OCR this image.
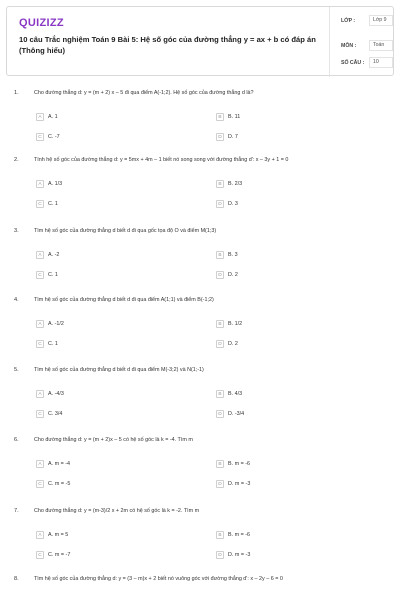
QUIZIZZ
10 câu Trắc nghiệm Toán 9 Bài 5: Hệ số góc của đường thẳng y = ax + b có đáp án (Thông hiểu)
LỚP :	Lớp 9
MÔN :	Toán
SỐ CÂU :	10
1.	Cho đường thẳng d: y = (m + 2) x – 5 đi qua điểm A(-1;2). Hệ số góc của đường thẳng d là?
A	A. 1	B	B. 11
C	C. -7	D	D. 7
2.	Tính hệ số góc của đường thẳng d: y = 5mx + 4m – 1 biết nó song song với đường thẳng d': x – 3y + 1 = 0
A	A. 1/3	B	B. 2/3
C	C. 1	D	D. 3
3.	Tìm hệ số góc của đường thẳng d biết d đi qua gốc tọa độ O và điểm M(1;3)
A	A. -2	B	B. 3
C	C. 1	D	D. 2
4.	Tìm hệ số góc của đường thẳng d biết d đi qua điểm A(1;1) và điểm B(-1;2)
A	A. -1/2	B	B. 1/2
C	C. 1	D	D. 2
5.	Tìm hệ số góc của đường thẳng d biết d đi qua điểm M(-3;2) và N(1;-1)
A	A. -4/3	B	B. 4/3
C	C. 3/4	D	D. -3/4
6.	Cho đường thẳng d: y = (m + 2)x – 5 có hệ số góc là k = -4. Tìm m
A	A. m = -4	B	B. m = -6
C	C. m = -5	D	D. m = -3
7.	Cho đường thẳng d: y = (m-3)/2 x + 2m có hệ số góc là k = -2. Tìm m
A	A. m = 5	B	B. m = -6
C	C. m = -7	D	D. m = -3
8.	Tìm hệ số góc của đường thẳng d: y = (3 – m)x + 2 biết nó vuông góc với đường thẳng d': x – 2y – 6 = 0
